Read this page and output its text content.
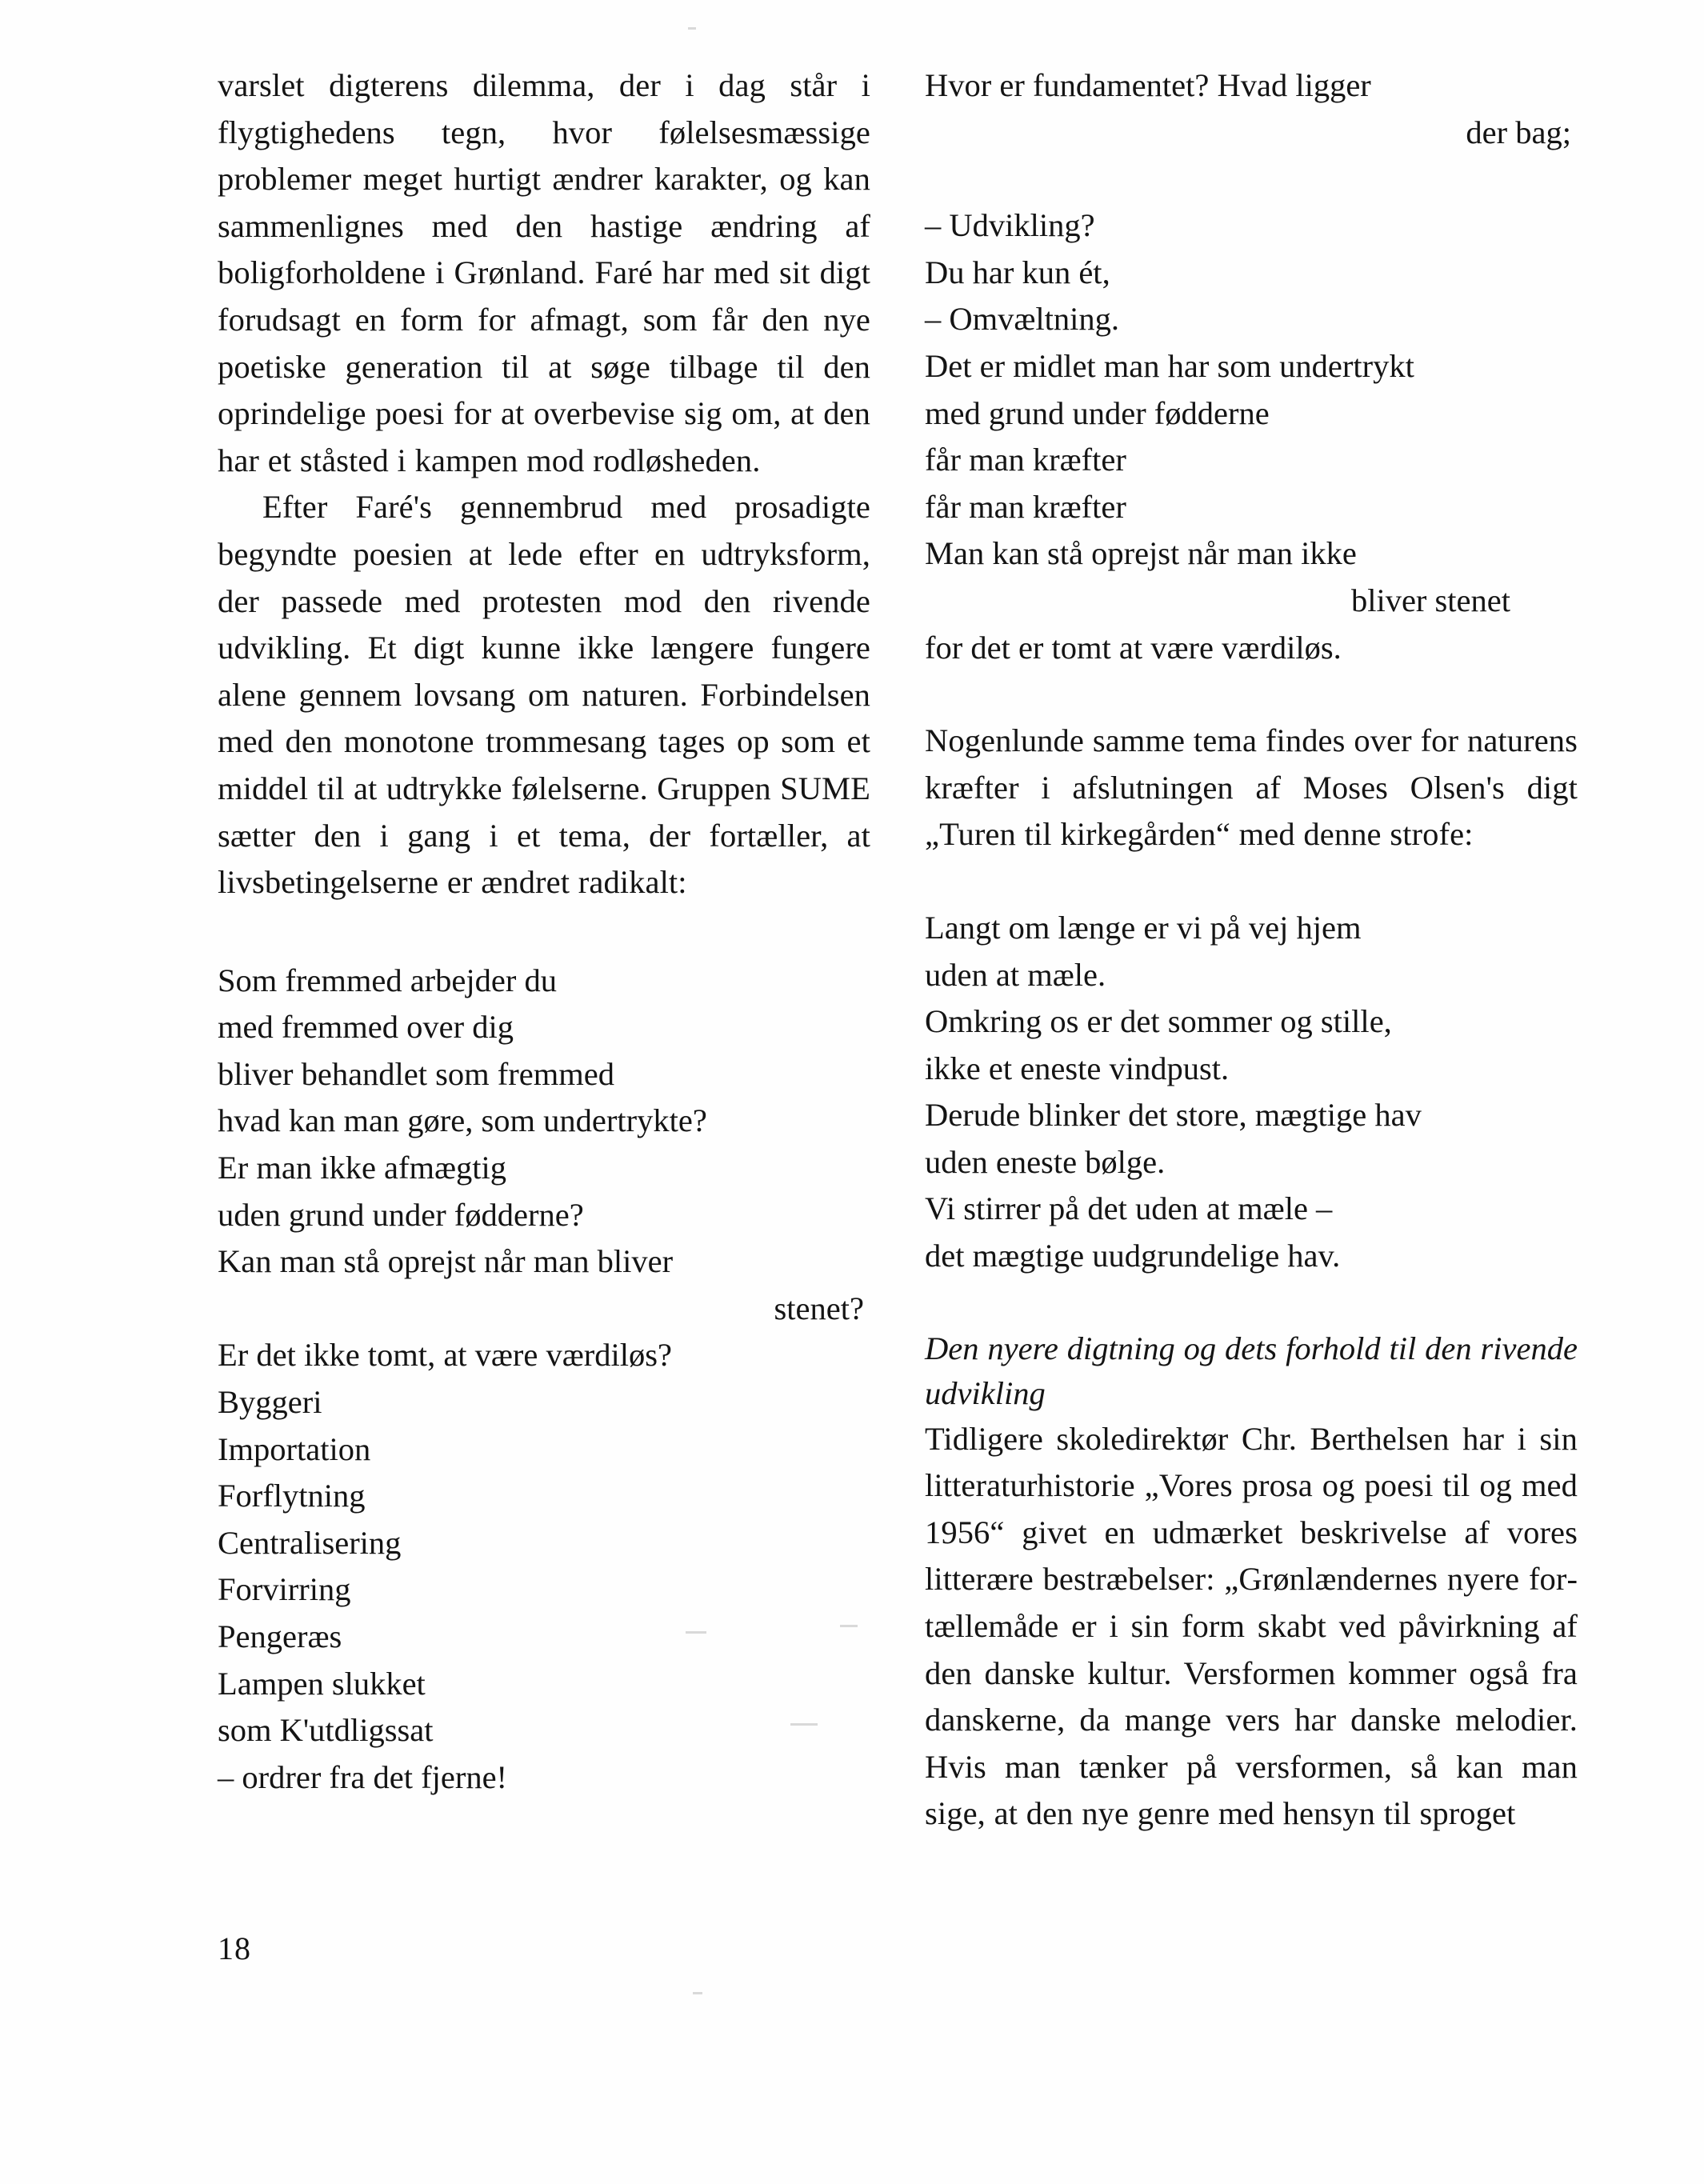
varslet digterens dilemma, der i dag står i flygtighedens tegn, hvor følelsesmæssige problemer meget hurtigt ændrer karakter, og kan sammenlignes med den hastige ændring af boligforholdene i Grønland. Faré har med sit digt forudsagt en form for afmagt, som får den nye poetiske generation til at søge tilbage til den oprindelige poesi for at overbevise sig om, at den har et ståsted i kampen mod rodløsheden.

Efter Faré's gennembrud med prosadigte begyndte poesien at lede efter en udtryksform, der passede med protesten mod den rivende udvikling. Et digt kunne ikke længere fungere alene gennem lovsang om naturen. Forbindelsen med den monotone trommesang tages op som et middel til at udtrykke følelserne. Gruppen SUME sætter den i gang i et tema, der fortæller, at livsbetingelserne er ændret radikalt:

Som fremmed arbejder du
med fremmed over dig
bliver behandlet som fremmed
hvad kan man gøre, som undertrykte?
Er man ikke afmægtig
uden grund under fødderne?
Kan man stå oprejst når man bliver
stenet?
Er det ikke tomt, at være værdiløs?
Byggeri
Importation
Forflytning
Centralisering
Forvirring
Pengeræs
Lampen slukket
som K'utdligssat
– ordrer fra det fjerne!
Hvor er fundamentet? Hvad ligger
der bag;
– Udvikling?
Du har kun ét,
– Omvæltning.
Det er midlet man har som undertrykt
med grund under fødderne
får man kræfter
får man kræfter
Man kan stå oprejst når man ikke
bliver stenet
for det er tomt at være værdiløs.

Nogenlunde samme tema findes over for naturens kræfter i afslutningen af Moses Olsen's digt „Turen til kirkegården“ med denne strofe:

Langt om længe er vi på vej hjem
uden at mæle.
Omkring os er det sommer og stille,
ikke et eneste vindpust.
Derude blinker det store, mægtige hav
uden eneste bølge.
Vi stirrer på det uden at mæle –
det mægtige uudgrundelige hav.

Den nyere digtning og dets forhold til den rivende udvikling

Tidligere skoledirektør Chr. Berthelsen har i sin litteraturhistorie „Vores prosa og poesi til og med 1956“ givet en udmærket beskrivelse af vores litterære bestræbelser: „Grønlændernes nyere fortællemåde er i sin form skabt ved påvirkning af den danske kultur. Versformen kommer også fra danskerne, da mange vers har danske melodier. Hvis man tænker på versformen, så kan man sige, at den nye genre med hensyn til sproget

18
